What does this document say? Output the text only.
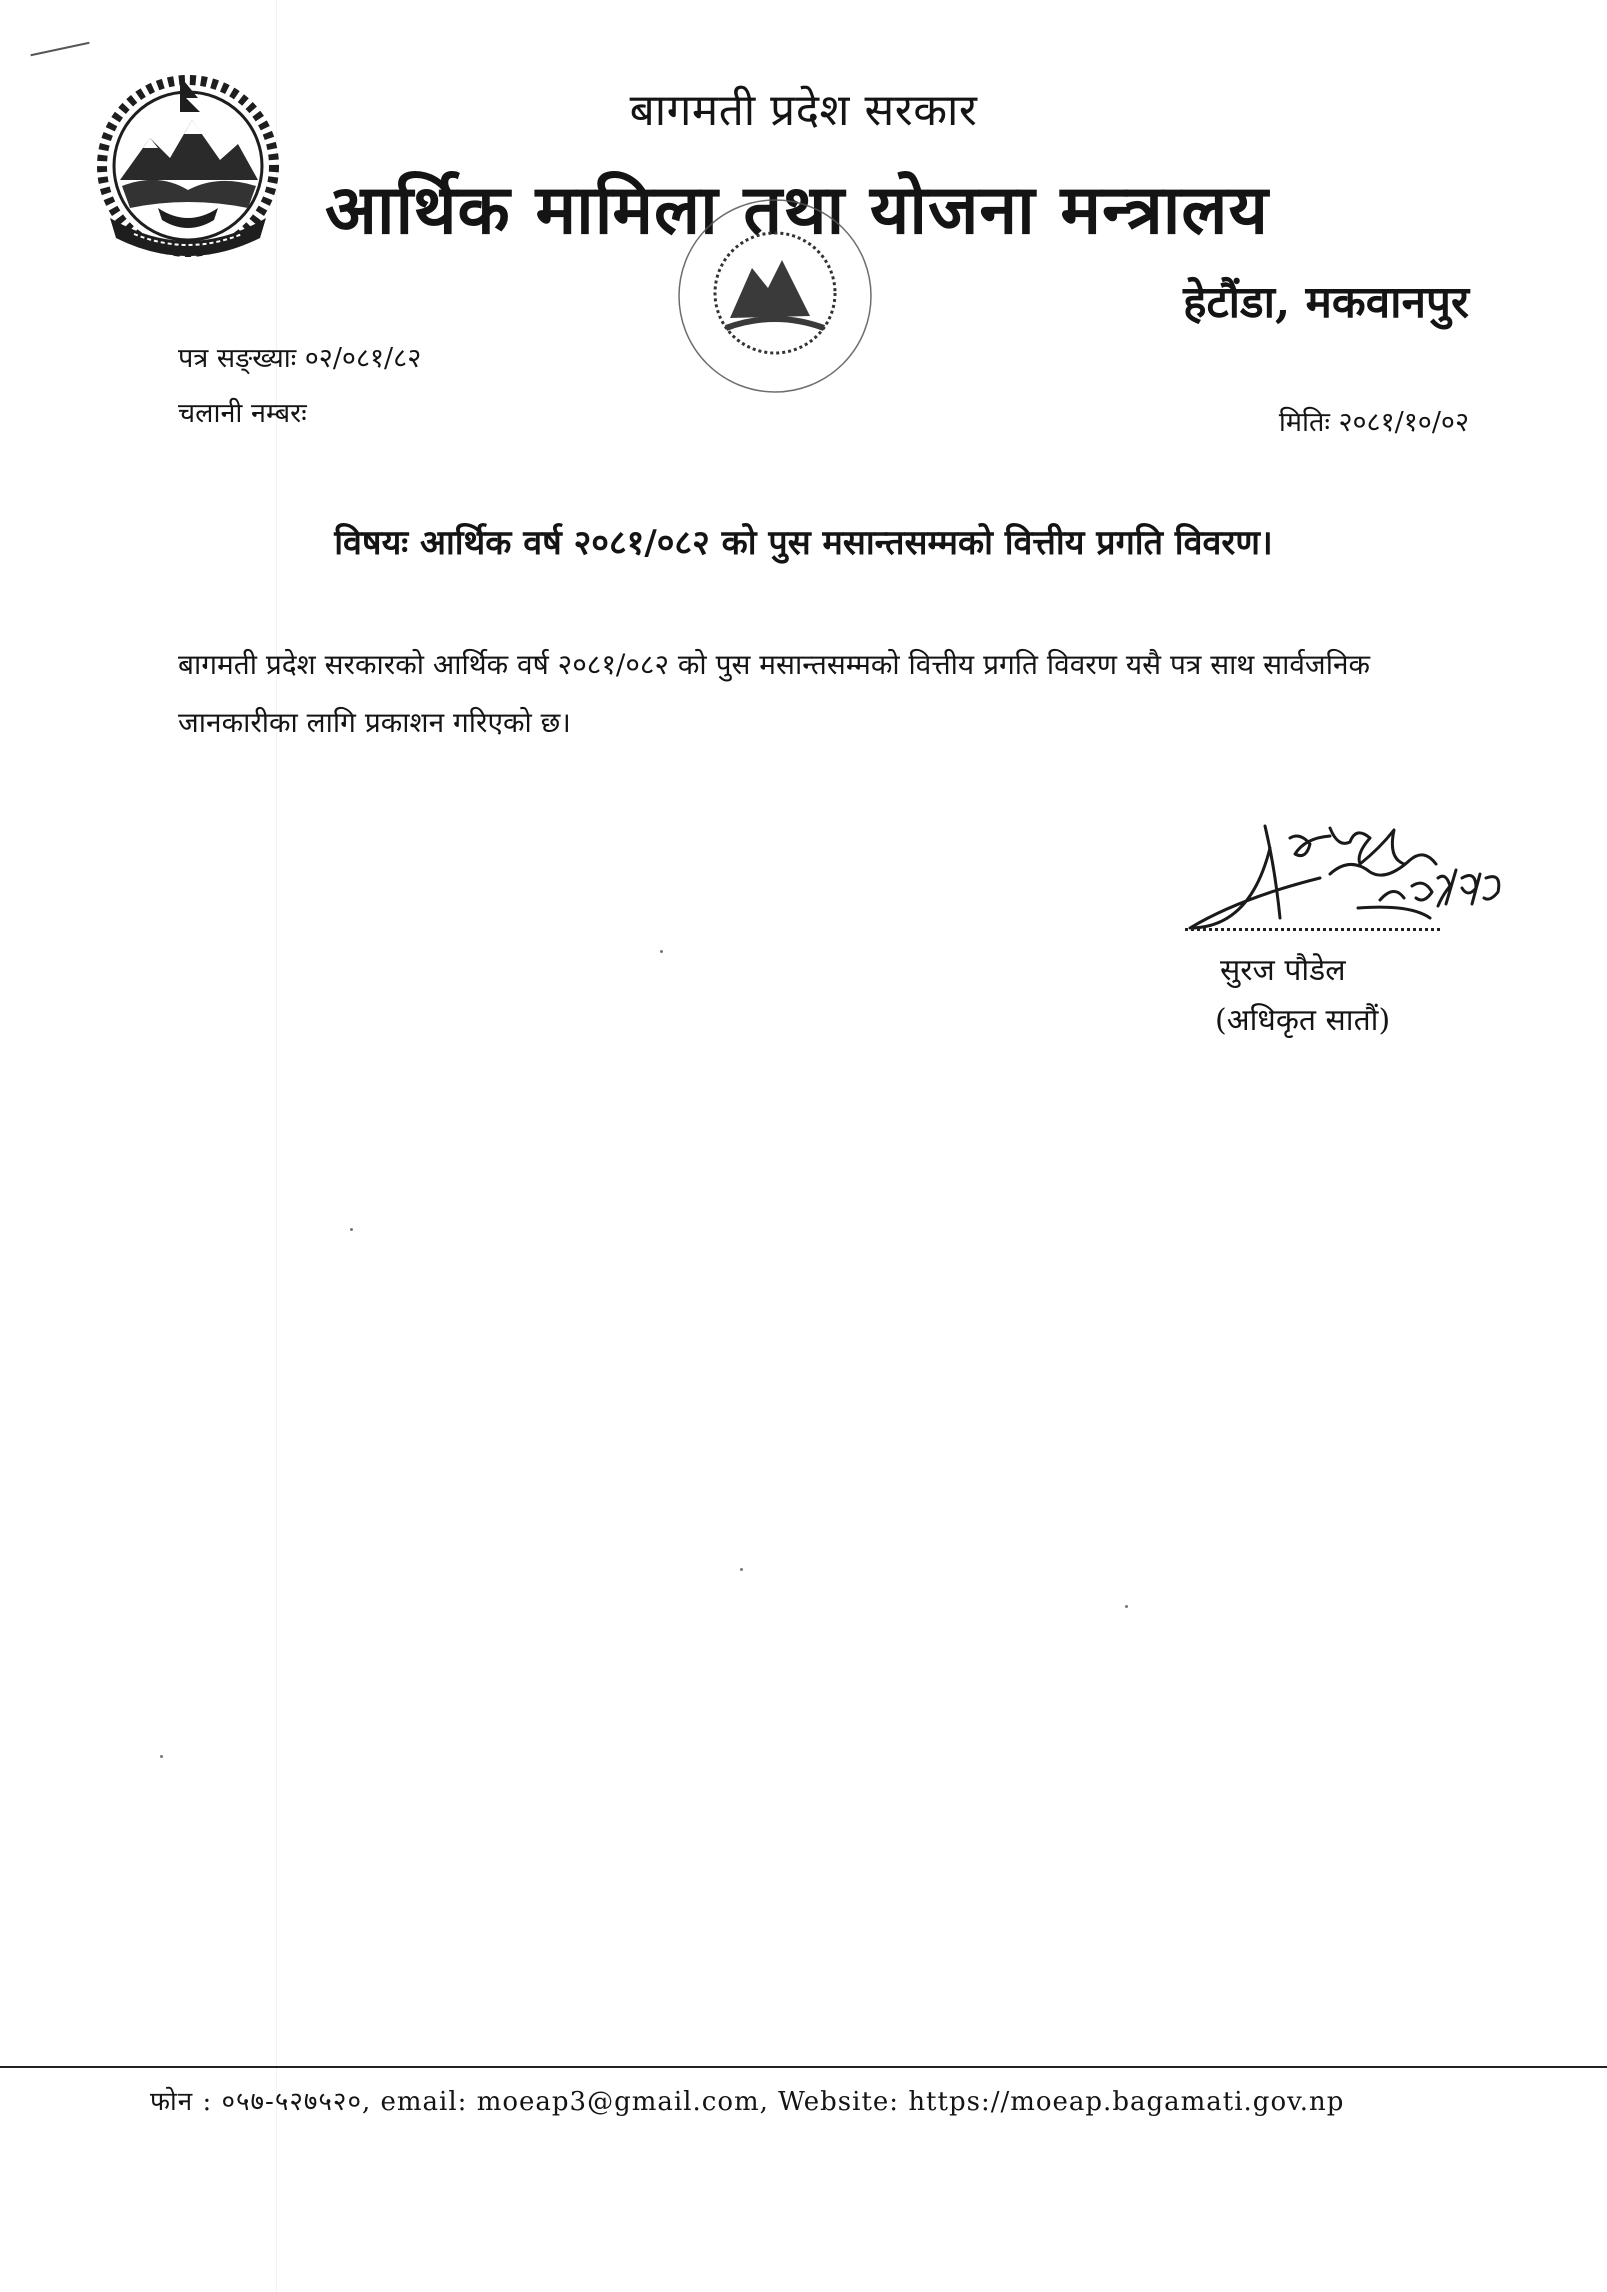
बागमती प्रदेश सरकार
आर्थिक मामिला तथा योजना मन्त्रालय
हेटौंडा, मकवानपुर
पत्र सङ्ख्याः ०२/०८१/८२
चलानी नम्बरः	मितिः २०८१/१०/०२
विषयः आर्थिक वर्ष २०८१/०८२ को पुस मसान्तसम्मको वित्तीय प्रगति विवरण।
बागमती प्रदेश सरकारको आर्थिक वर्ष २०८१/०८२ को पुस मसान्तसम्मको वित्तीय प्रगति विवरण यसै पत्र साथ सार्वजनिक जानकारीका लागि प्रकाशन गरिएको छ।
सुरज पौडेल
(अधिकृत सातौं)
फोन : ०५७-५२७५२०, email: moeap3@gmail.com, Website: https://moeap.bagamati.gov.np
